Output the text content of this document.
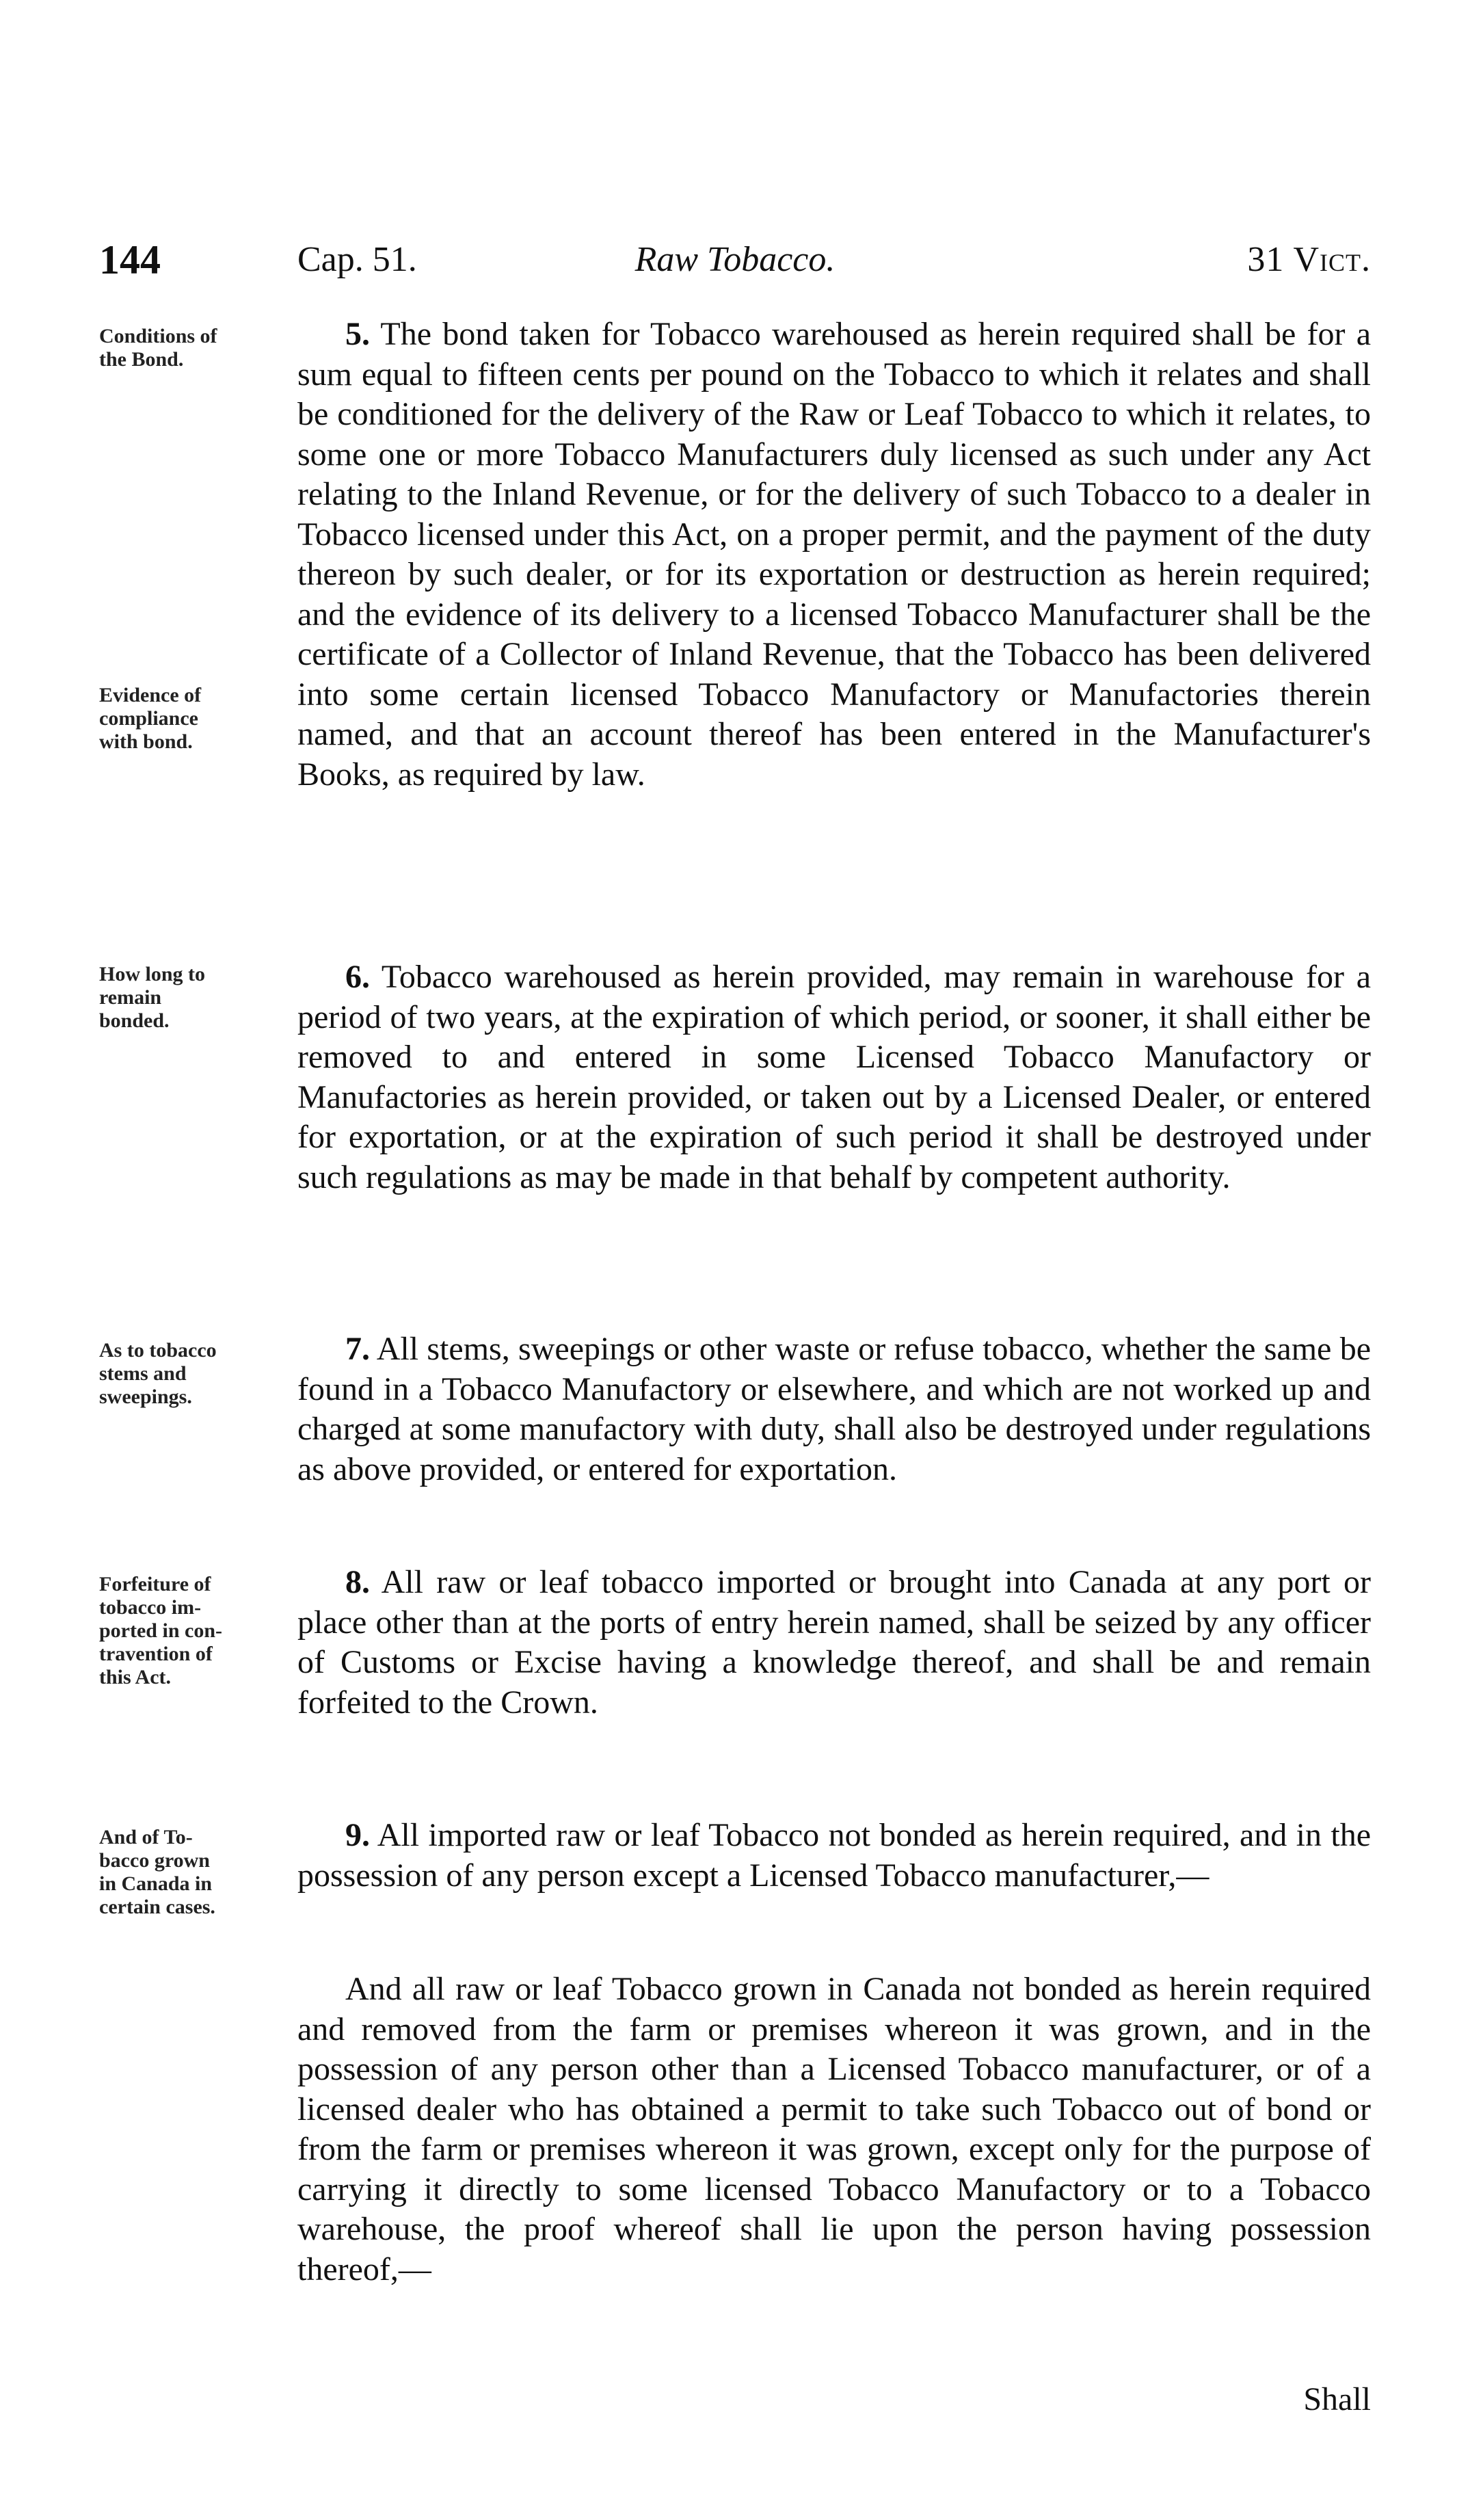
144	Cap. 51.	Raw Tobacco.	31 Vict.
Conditions of
the Bond.
Evidence of
compliance
with bond.
How long to
remain
bonded.
As to tobacco
stems and
sweepings.
Forfeiture of
tobacco im-
ported in con-
travention of
this Act.
And of To-
bacco grown
in Canada in
certain cases.
5. The bond taken for Tobacco warehoused as herein required shall be for a sum equal to fifteen cents per pound on the Tobacco to which it relates and shall be conditioned for the delivery of the Raw or Leaf Tobacco to which it relates, to some one or more Tobacco Manufacturers duly licensed as such under any Act relating to the Inland Revenue, or for the delivery of such Tobacco to a dealer in Tobacco licensed under this Act, on a proper permit, and the payment of the duty thereon by such dealer, or for its exportation or destruction as herein required; and the evidence of its delivery to a licensed Tobacco Manufacturer shall be the certificate of a Collector of Inland Revenue, that the Tobacco has been delivered into some certain licensed Tobacco Manufactory or Manufactories therein named, and that an account thereof has been entered in the Manufacturer's Books, as required by law.
6. Tobacco warehoused as herein provided, may remain in warehouse for a period of two years, at the expiration of which period, or sooner, it shall either be removed to and entered in some Licensed Tobacco Manufactory or Manufactories as herein provided, or taken out by a Licensed Dealer, or entered for exportation, or at the expiration of such period it shall be destroyed under such regulations as may be made in that behalf by competent authority.
7. All stems, sweepings or other waste or refuse tobacco, whether the same be found in a Tobacco Manufactory or elsewhere, and which are not worked up and charged at some manufactory with duty, shall also be destroyed under regulations as above provided, or entered for exportation.
8. All raw or leaf tobacco imported or brought into Canada at any port or place other than at the ports of entry herein named, shall be seized by any officer of Customs or Excise having a knowledge thereof, and shall be and remain forfeited to the Crown.
9. All imported raw or leaf Tobacco not bonded as herein required, and in the possession of any person except a Licensed Tobacco manufacturer,—
And all raw or leaf Tobacco grown in Canada not bonded as herein required and removed from the farm or premises whereon it was grown, and in the possession of any person other than a Licensed Tobacco manufacturer, or of a licensed dealer who has obtained a permit to take such Tobacco out of bond or from the farm or premises whereon it was grown, except only for the purpose of carrying it directly to some licensed Tobacco Manufactory or to a Tobacco warehouse, the proof whereof shall lie upon the person having possession thereof,—
Shall
